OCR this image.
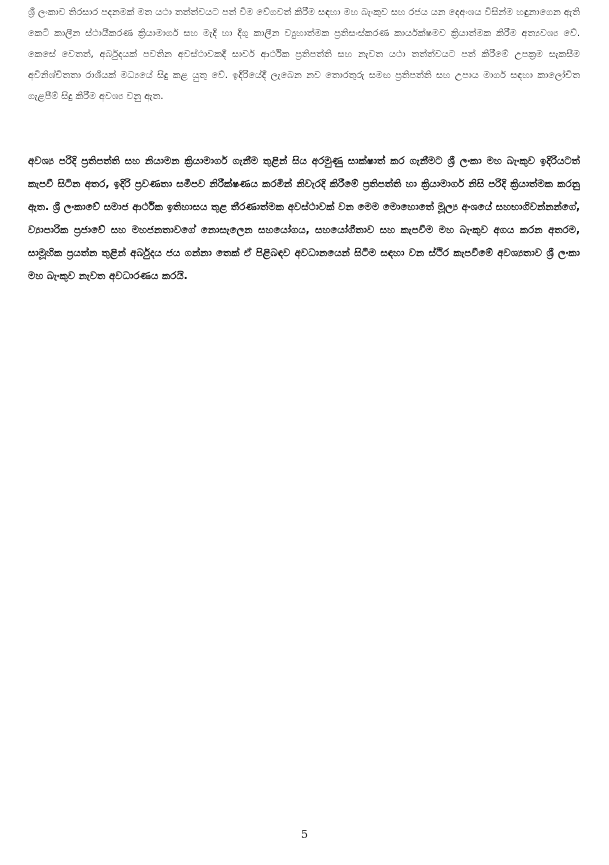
ශ්‍රී ලංකාව තිරසාර පදනමක් මත යථා තත්ත්වයට පත් වීම වේගවත් කිරීම සඳහා මහ බැංකුව සහ රජය යන දෙඅංශය විසින්ම හඳුනාගෙන ඇති කෙටි කාලීන ස්ථායීකරණ ක්‍රියාමාර්ග සහ මැදි හා දිගු කාලීන ව්‍යුහාත්මක ප්‍රතිසංස්කරණ කාර්යක්ෂමව ක්‍රියාත්මක කිරීම අත්‍යවශ්‍ය වේ. කෙසේ වෙතත්, අර්බුදයක් පවතින අවස්ථාවකදී සාර්ව ආර්ථික ප්‍රතිපත්ති සහ නැවත යථා තත්ත්වයට පත් කිරීමේ උපක්‍රම සැකසීම අවිනිශ්චිතතා රාශියක් මධ්‍යයේ සිදු කළ යුතු වේ. ඉදිරියේදී ලැබෙන නව තොරතුරු සමඟ ප්‍රතිපත්ති සහ උපාය මාර්ග සඳහා කාලෝචිත ගැළපීම් සිදු කිරීම අවශ්‍ය වනු ඇත.

අවශ්‍ය පරිදි ප්‍රතිපත්ති සහ නියාමන ක්‍රියාමාර්ග ගැනීම තුළින් සිය අරමුණු සාක්ෂාත් කර ගැනීමට ශ්‍රී ලංකා මහ බැංකුව ඉදිරියටත් කැපවී සිටින අතර, ඉදිරි ප්‍රවණතා සමීපව නිරීක්ෂණය කරමින් නිවැරදි කිරීමේ ප්‍රතිපත්ති හා ක්‍රියාමාර්ග නිසි පරිදි ක්‍රියාත්මක කරනු ඇත. ශ්‍රී ලංකාවේ සමාජ ආර්ථික ඉතිහාසය තුළ තීරණාත්මක අවස්ථාවක් වන මෙම මොහොතේ මූල්‍ය අංශයේ සහභාගිවන්නන්ගේ, ව්‍යාපාරික ප්‍රජාවේ සහ මහජනතාවගේ නොසැලෙන සහයෝගය, සහයෝගීතාව සහ කැපවීම මහ බැංකුව අගය කරන අතරම, සාමූහික ප්‍රයත්න තුළින් අර්බුදය ජය ගන්නා තෙක් ඒ පිළිබඳව අවධානයෙන් සිටීම සඳහා වන ස්ථිර කැපවීමේ අවශ්‍යතාව ශ්‍රී ලංකා මහ බැංකුව නැවත අවධාරණය කරයි.

5
